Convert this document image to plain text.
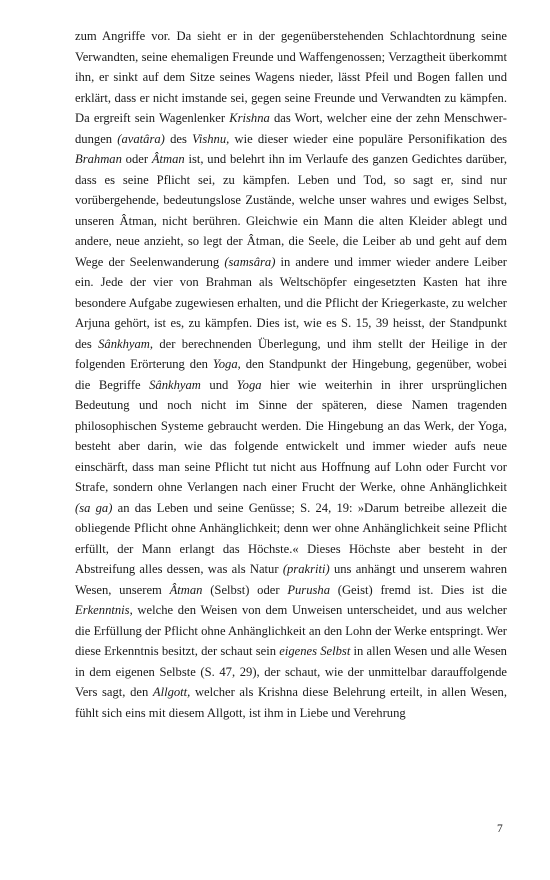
zum Angriffe vor. Da sieht er in der gegenüberstehenden Schlachtordnung seine Verwandten, seine ehemaligen Freunde und Waffengenossen; Verzagtheit überkommt ihn, er sinkt auf dem Sitze seines Wagens nieder, lässt Pfeil und Bogen fallen und erklärt, dass er nicht imstande sei, gegen seine Freunde und Verwandten zu kämpfen. Da ergreift sein Wagenlenker Krishna das Wort, welcher eine der zehn Menschwerdungen (avatâra) des Vishnu, wie dieser wieder eine populäre Personifikation des Brahman oder Âtman ist, und belehrt ihn im Verlaufe des ganzen Gedichtes darüber, dass es seine Pflicht sei, zu kämpfen. Leben und Tod, so sagt er, sind nur vorübergehende, bedeutungslose Zustände, welche unser wahres und ewiges Selbst, unseren Âtman, nicht berühren. Gleichwie ein Mann die alten Kleider ablegt und andere, neue anzieht, so legt der Âtman, die Seele, die Leiber ab und geht auf dem Wege der Seelenwanderung (samsâra) in andere und immer wieder andere Leiber ein. Jede der vier von Brahman als Weltschöpfer eingesetzten Kasten hat ihre besondere Aufgabe zugewiesen erhalten, und die Pflicht der Kriegerkaste, zu welcher Arjuna gehört, ist es, zu kämpfen. Dies ist, wie es S. 15, 39 heisst, der Standpunkt des Sânkhyam, der berechnenden Überlegung, und ihm stellt der Heilige in der folgenden Erörterung den Yoga, den Standpunkt der Hingebung, gegenüber, wobei die Begriffe Sânkhyam und Yoga hier wie weiterhin in ihrer ursprünglichen Bedeutung und noch nicht im Sinne der späteren, diese Namen tragenden philosophischen Systeme gebraucht werden. Die Hingebung an das Werk, der Yoga, besteht aber darin, wie das folgende entwickelt und immer wieder aufs neue einschärft, dass man seine Pflicht tut nicht aus Hoffnung auf Lohn oder Furcht vor Strafe, sondern ohne Verlangen nach einer Frucht der Werke, ohne Anhänglichkeit (sa ga) an das Leben und seine Genüsse; S. 24, 19: »Darum betreibe allezeit die obliegende Pflicht ohne Anhänglichkeit; denn wer ohne Anhänglichkeit seine Pflicht erfüllt, der Mann erlangt das Höchste.« Dieses Höchste aber besteht in der Abstreifung alles dessen, was als Natur (prakriti) uns anhängt und unserem wahren Wesen, unserem Âtman (Selbst) oder Purusha (Geist) fremd ist. Dies ist die Erkenntnis, welche den Weisen von dem Unweisen unterscheidet, und aus welcher die Erfüllung der Pflicht ohne Anhänglichkeit an den Lohn der Werke entspringt. Wer diese Erkenntnis besitzt, der schaut sein eigenes Selbst in allen Wesen und alle Wesen in dem eigenen Selbste (S. 47, 29), der schaut, wie der unmittelbar darauffolgende Vers sagt, den Allgott, welcher als Krishna diese Belehrung erteilt, in allen Wesen, fühlt sich eins mit diesem Allgott, ist ihm in Liebe und Verehrung

7
